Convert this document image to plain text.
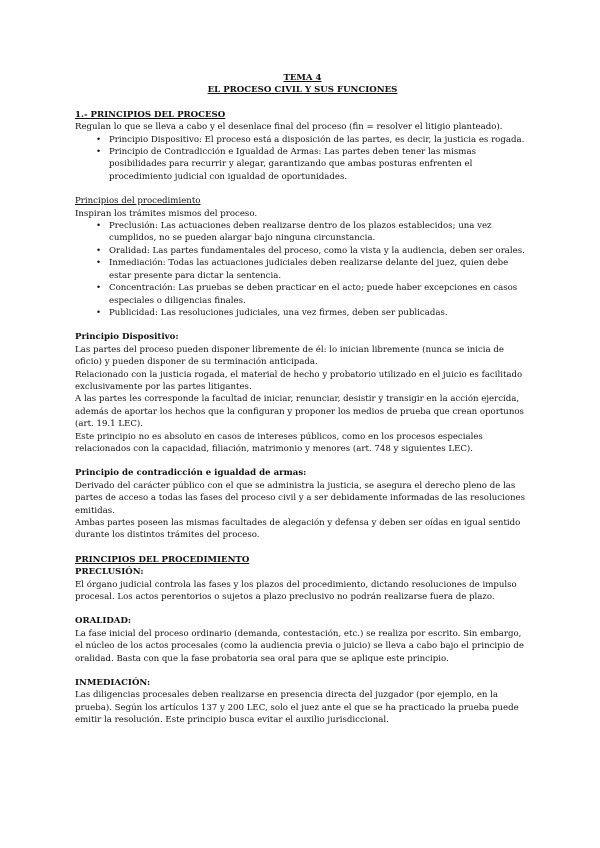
TEMA 4

EL PROCESO CIVIL Y SUS FUNCIONES

1.- PRINCIPIOS DEL PROCESO

Regulan lo que se lleva a cabo y el desenlace final del proceso (fin = resolver el litigio planteado).

• Principio Dispositivo: El proceso está a disposición de las partes, es decir, la justicia es rogada.
• Principio de Contradicción e Igualdad de Armas: Las partes deben tener las mismas posibilidades para recurrir y alegar, garantizando que ambas posturas enfrenten el procedimiento judicial con igualdad de oportunidades.

Principios del procedimiento

Inspiran los trámites mismos del proceso.

• Preclusión: Las actuaciones deben realizarse dentro de los plazos establecidos; una vez cumplidos, no se pueden alargar bajo ninguna circunstancia.
• Oralidad: Las partes fundamentales del proceso, como la vista y la audiencia, deben ser orales.
• Inmediación: Todas las actuaciones judiciales deben realizarse delante del juez, quien debe estar presente para dictar la sentencia.
• Concentración: Las pruebas se deben practicar en el acto; puede haber excepciones en casos especiales o diligencias finales.
• Publicidad: Las resoluciones judiciales, una vez firmes, deben ser publicadas.

Principio Dispositivo:

Las partes del proceso pueden disponer libremente de él: lo inician libremente (nunca se inicia de oficio) y pueden disponer de su terminación anticipada.

Relacionado con la justicia rogada, el material de hecho y probatorio utilizado en el juicio es facilitado exclusivamente por las partes litigantes.

A las partes les corresponde la facultad de iniciar, renunciar, desistir y transigir en la acción ejercida, además de aportar los hechos que la configuran y proponer los medios de prueba que crean oportunos (art. 19.1 LEC).

Este principio no es absoluto en casos de intereses públicos, como en los procesos especiales relacionados con la capacidad, filiación, matrimonio y menores (art. 748 y siguientes LEC).

Principio de contradicción e igualdad de armas:

Derivado del carácter público con el que se administra la justicia, se asegura el derecho pleno de las partes de acceso a todas las fases del proceso civil y a ser debidamente informadas de las resoluciones emitidas.

Ambas partes poseen las mismas facultades de alegación y defensa y deben ser oídas en igual sentido durante los distintos trámites del proceso.

PRINCIPIOS DEL PROCEDIMIENTO

PRECLUSIÓN:

El órgano judicial controla las fases y los plazos del procedimiento, dictando resoluciones de impulso procesal. Los actos perentorios o sujetos a plazo preclusivo no podrán realizarse fuera de plazo.

ORALIDAD:

La fase inicial del proceso ordinario (demanda, contestación, etc.) se realiza por escrito. Sin embargo, el núcleo de los actos procesales (como la audiencia previa o juicio) se lleva a cabo bajo el principio de oralidad. Basta con que la fase probatoria sea oral para que se aplique este principio.

INMEDIACIÓN:

Las diligencias procesales deben realizarse en presencia directa del juzgador (por ejemplo, en la prueba). Según los artículos 137 y 200 LEC, solo el juez ante el que se ha practicado la prueba puede emitir la resolución. Este principio busca evitar el auxilio jurisdiccional.
